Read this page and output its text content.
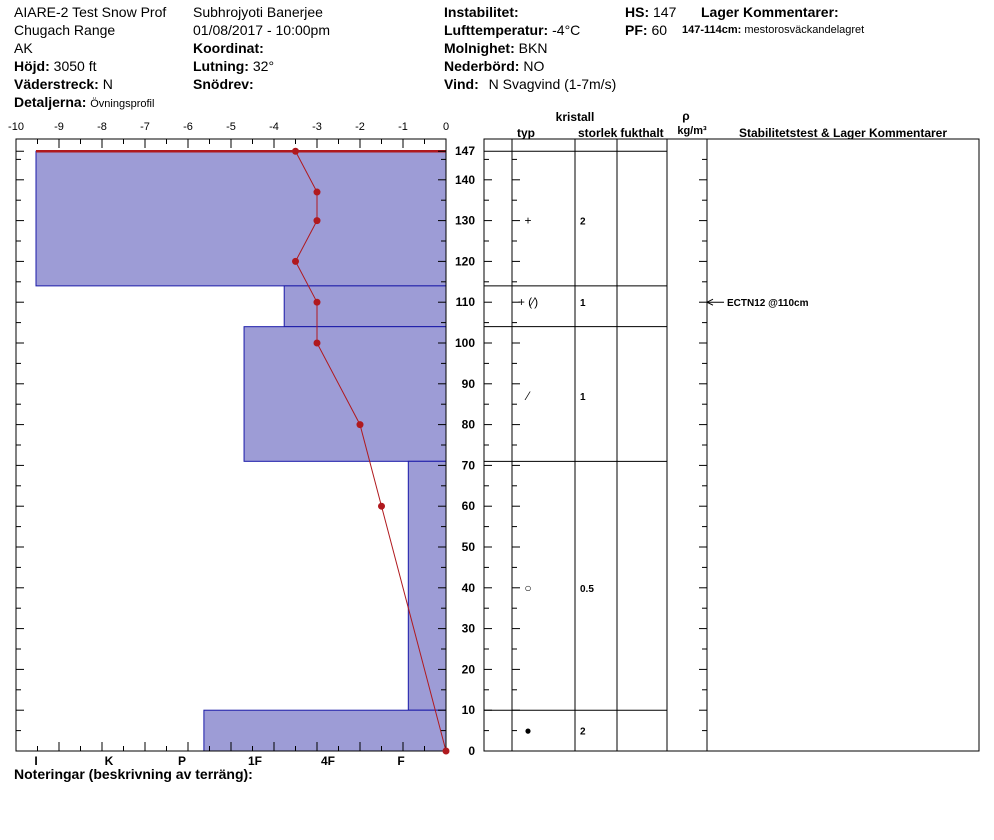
AIARE-2 Test Snow Prof
Chugach Range
AK
Höjd: 3050 ft
Väderstreck: N
Detaljerna: Övningsprofil
Subhrojyoti Banerjee
01/08/2017 - 10:00pm
Koordinat:
Lutning: 32°
Snödrev:
Instabilitet:
Lufttemperatur: -4°C
Molnighet: BKN
Nederbörd: NO
Vind: N Svagvind (1-7m/s)
HS: 147
PF: 60
Lager Kommentarer:
147-114cm: mestorosväckandelagret
Noteringar (beskrivning av terräng):
-10	-9	-8	-7	-6	-5	-4	-3	-2	-1	0
I	K	P	1F	4F	F
0
10
20
30
40
50
60
70
80
90
100
110
120
130
140
147
+	2
+ (⁄)	1
⁄	1
○	0.5
●	2
ECTN12 @110cm
kristall
typ	storlek fukthalt
ρ
kg/m³	Stabilitetstest & Lager Kommentarer
